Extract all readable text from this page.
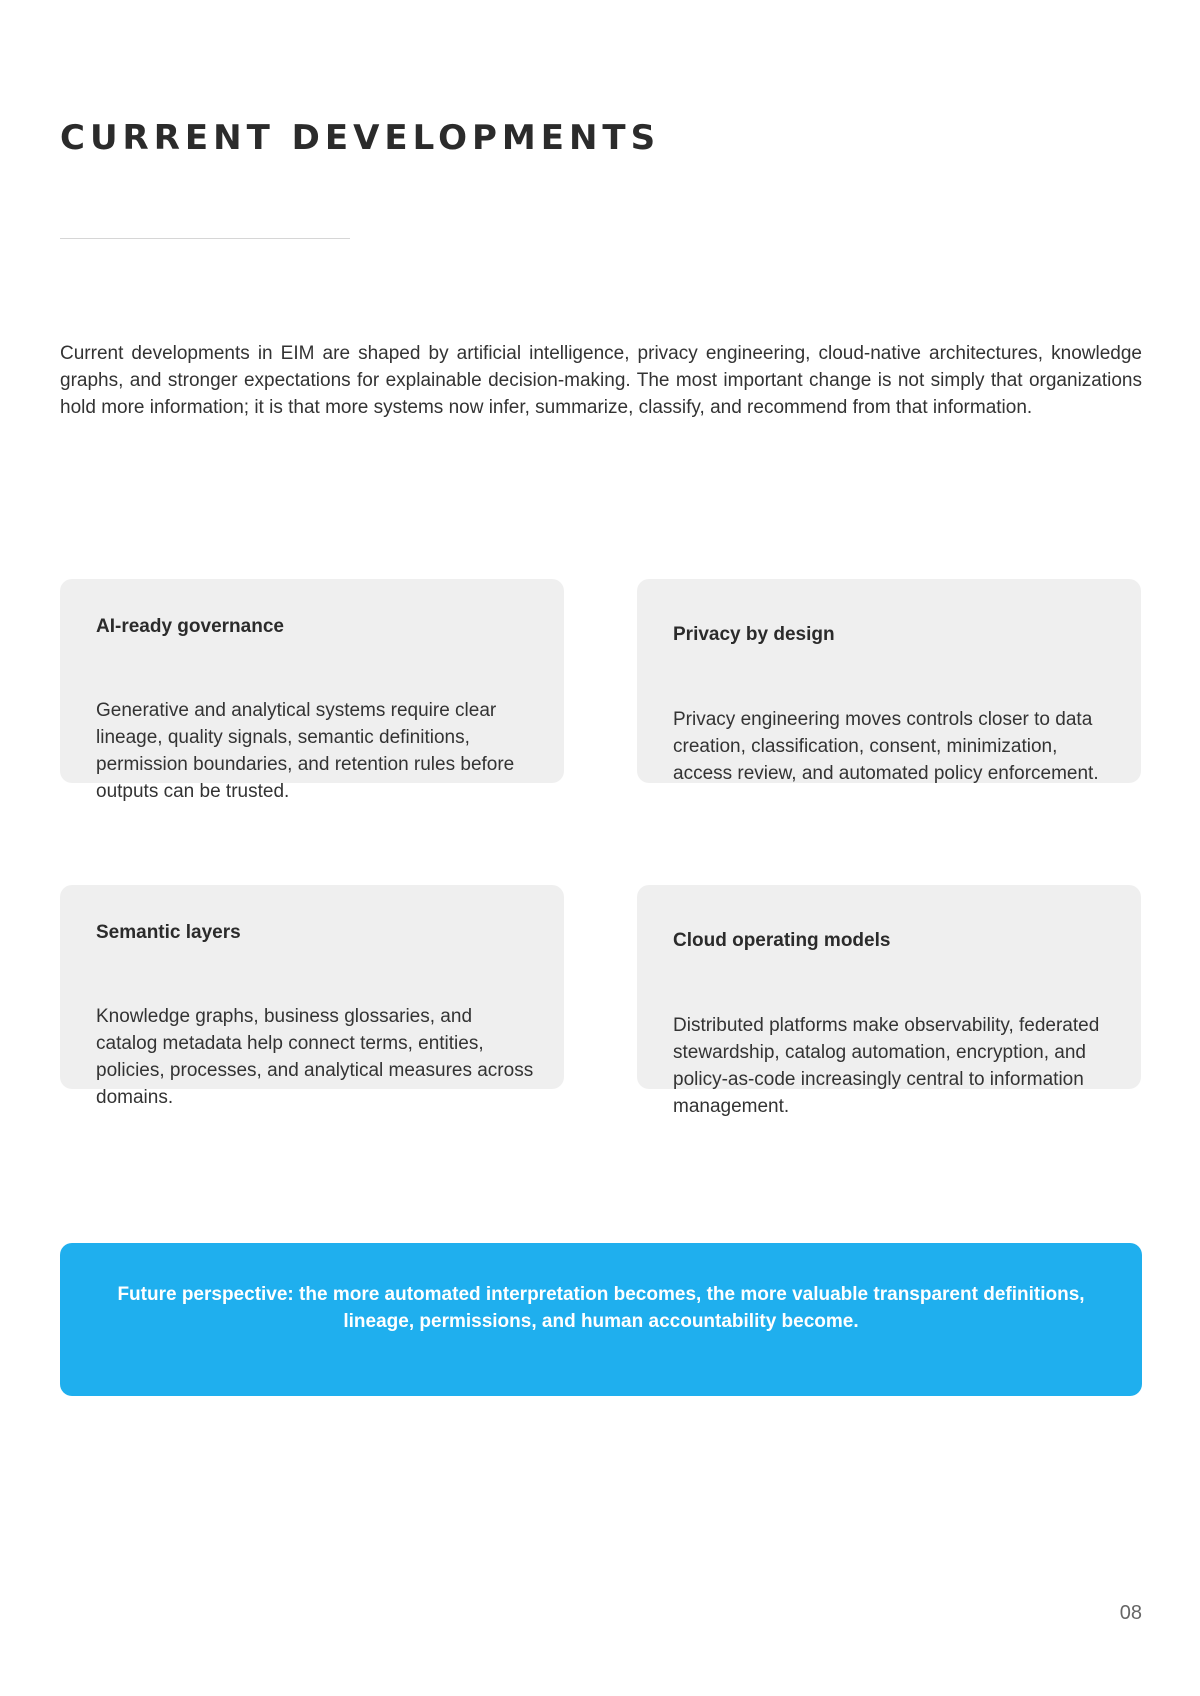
CURRENT DEVELOPMENTS

Current developments in EIM are shaped by artificial intelligence, privacy engineering, cloud-native architectures, knowledge graphs, and stronger expectations for explainable decision-making. The most important change is not simply that organizations hold more information; it is that more systems now infer, summarize, classify, and recommend from that information.

AI-ready governance

Generative and analytical systems require clear lineage, quality signals, semantic definitions, permission boundaries, and retention rules before outputs can be trusted.

Privacy by design

Privacy engineering moves controls closer to data creation, classification, consent, minimization, access review, and automated policy enforcement.

Semantic layers

Knowledge graphs, business glossaries, and catalog metadata help connect terms, entities, policies, processes, and analytical measures across domains.

Cloud operating models

Distributed platforms make observability, federated stewardship, catalog automation, encryption, and policy-as-code increasingly central to information management.

Future perspective: the more automated interpretation becomes, the more valuable transparent definitions, lineage, permissions, and human accountability become.

08
